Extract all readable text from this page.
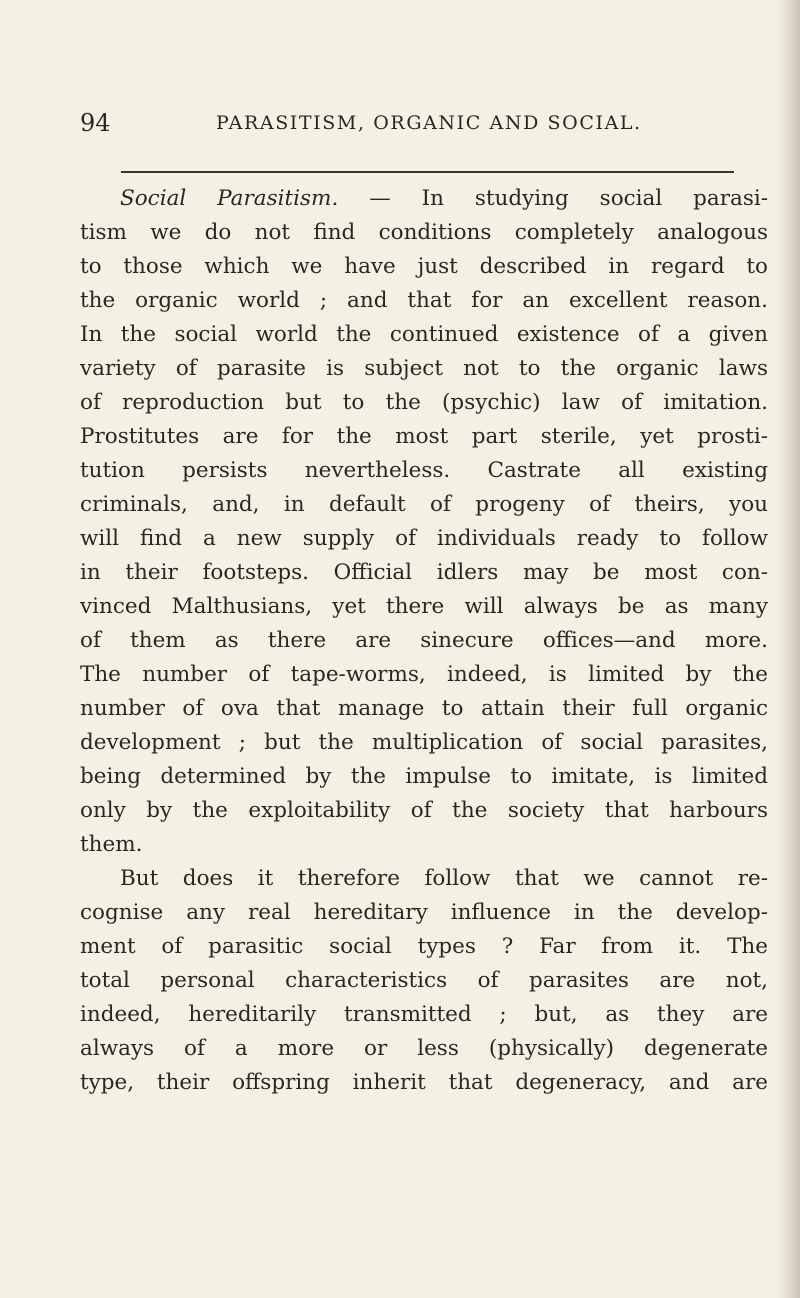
94	PARASITISM, ORGANIC AND SOCIAL.
Social Parasitism. — In studying social parasi-
tism we do not find conditions completely analogous
to those which we have just described in regard to
the organic world ; and that for an excellent reason.
In the social world the continued existence of a given
variety of parasite is subject not to the organic laws
of reproduction but to the (psychic) law of imitation.
Prostitutes are for the most part sterile, yet prosti-
tution persists nevertheless. Castrate all existing
criminals, and, in default of progeny of theirs, you
will find a new supply of individuals ready to follow
in their footsteps. Official idlers may be most con-
vinced Malthusians, yet there will always be as many
of them as there are sinecure offices—and more.
The number of tape-worms, indeed, is limited by the
number of ova that manage to attain their full organic
development ; but the multiplication of social parasites,
being determined by the impulse to imitate, is limited
only by the exploitability of the society that harbours
them.
But does it therefore follow that we cannot re-
cognise any real hereditary influence in the develop-
ment of parasitic social types ? Far from it. The
total personal characteristics of parasites are not,
indeed, hereditarily transmitted ; but, as they are
always of a more or less (physically) degenerate
type, their offspring inherit that degeneracy, and are
